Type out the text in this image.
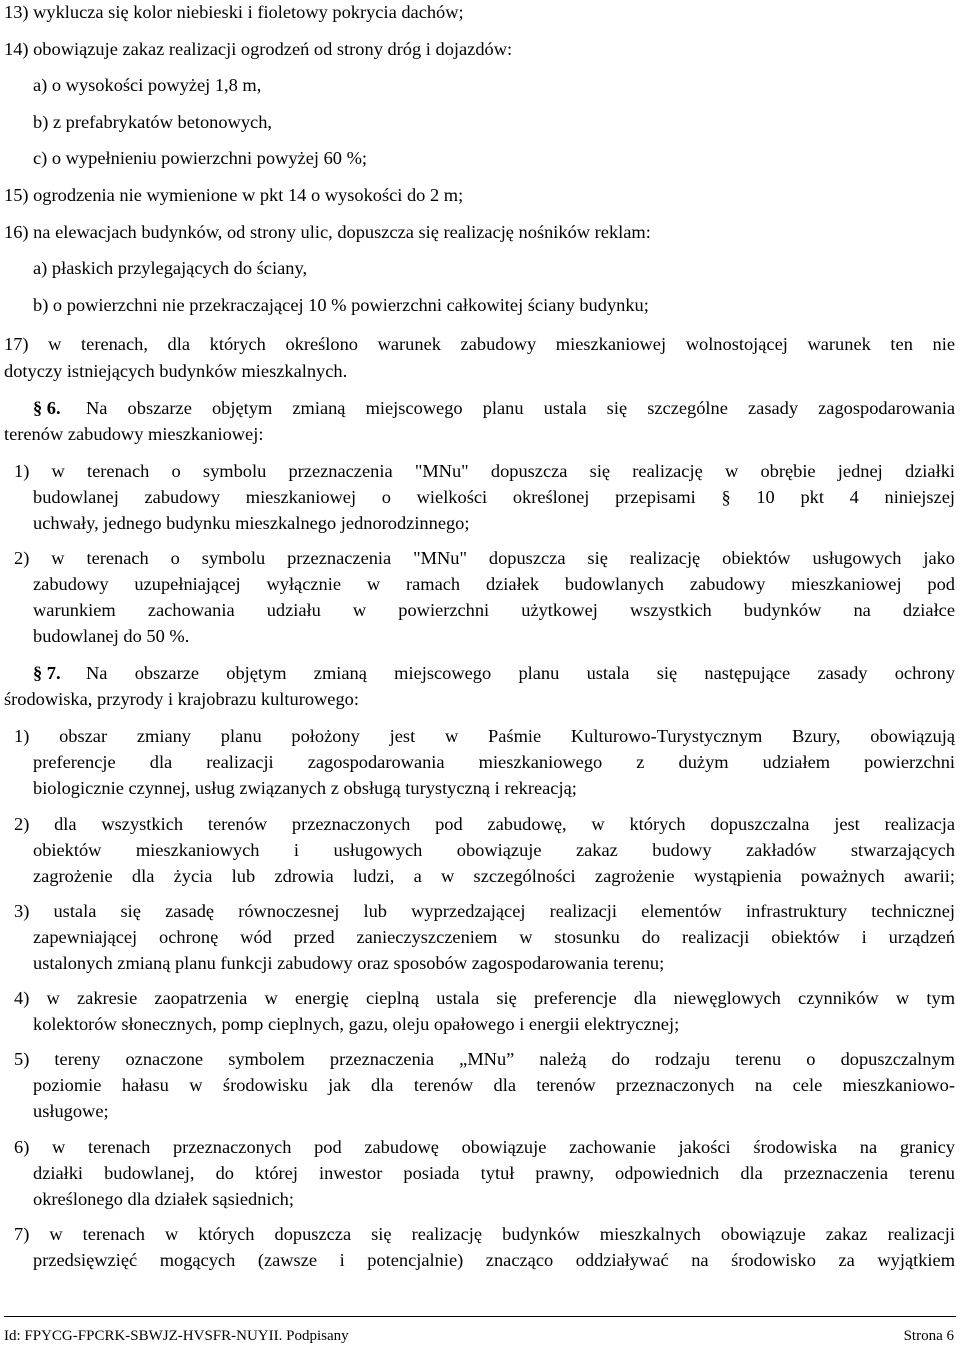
13) wyklucza się kolor niebieski i fioletowy pokrycia dachów;
14) obowiązuje zakaz realizacji ogrodzeń od strony dróg i dojazdów:
a) o wysokości powyżej 1,8 m,
b) z prefabrykatów betonowych,
c) o wypełnieniu powierzchni powyżej 60 %;
15) ogrodzenia nie wymienione w pkt 14 o wysokości do 2 m;
16) na elewacjach budynków, od strony ulic, dopuszcza się realizację nośników reklam:
a) płaskich przylegających do ściany,
b) o powierzchni nie przekraczającej 10 % powierzchni całkowitej ściany budynku;
17) w terenach, dla których określono warunek zabudowy mieszkaniowej wolnostojącej warunek ten nie
dotyczy istniejących budynków mieszkalnych.
§ 6.	Na obszarze objętym zmianą miejscowego planu ustala się szczególne zasady zagospodarowania
terenów zabudowy mieszkaniowej:
1) w terenach o symbolu przeznaczenia "MNu" dopuszcza się realizację w obrębie jednej działki
budowlanej zabudowy mieszkaniowej o wielkości określonej przepisami § 10 pkt 4 niniejszej
uchwały, jednego budynku mieszkalnego jednorodzinnego;
2) w terenach o symbolu przeznaczenia "MNu" dopuszcza się realizację obiektów usługowych jako
zabudowy uzupełniającej wyłącznie w ramach działek budowlanych zabudowy mieszkaniowej pod
warunkiem zachowania udziału w powierzchni użytkowej wszystkich budynków na działce
budowlanej do 50 %.
§ 7.	Na obszarze objętym zmianą miejscowego planu ustala się następujące zasady ochrony
środowiska, przyrody i krajobrazu kulturowego:
1) obszar zmiany planu położony jest w Paśmie Kulturowo-Turystycznym Bzury, obowiązują
preferencje dla realizacji zagospodarowania mieszkaniowego z dużym udziałem powierzchni
biologicznie czynnej, usług związanych z obsługą turystyczną i rekreacją;
2) dla wszystkich terenów przeznaczonych pod zabudowę, w których dopuszczalna jest realizacja
obiektów mieszkaniowych i usługowych obowiązuje zakaz budowy zakładów stwarzających
zagrożenie dla życia lub zdrowia ludzi, a w szczególności zagrożenie wystąpienia poważnych awarii;
3) ustala się zasadę równoczesnej lub wyprzedzającej realizacji elementów infrastruktury technicznej
zapewniającej ochronę wód przed zanieczyszczeniem w stosunku do realizacji obiektów i urządzeń
ustalonych zmianą planu funkcji zabudowy oraz sposobów zagospodarowania terenu;
4) w zakresie zaopatrzenia w energię cieplną ustala się preferencje dla niewęglowych czynników w tym
kolektorów słonecznych, pomp cieplnych, gazu, oleju opałowego i energii elektrycznej;
5) tereny oznaczone symbolem przeznaczenia „MNu” należą do rodzaju terenu o dopuszczalnym
poziomie hałasu w środowisku jak dla terenów dla terenów przeznaczonych na cele mieszkaniowo-
usługowe;
6) w terenach przeznaczonych pod zabudowę obowiązuje zachowanie jakości środowiska na granicy
działki budowlanej, do której inwestor posiada tytuł prawny, odpowiednich dla przeznaczenia terenu
określonego dla działek sąsiednich;
7) w terenach w których dopuszcza się realizację budynków mieszkalnych obowiązuje zakaz realizacji
przedsięwzięć mogących (zawsze i potencjalnie) znacząco oddziaływać na środowisko za wyjątkiem
Id: FPYCG-FPCRK-SBWJZ-HVSFR-NUYII. Podpisany	Strona 6
